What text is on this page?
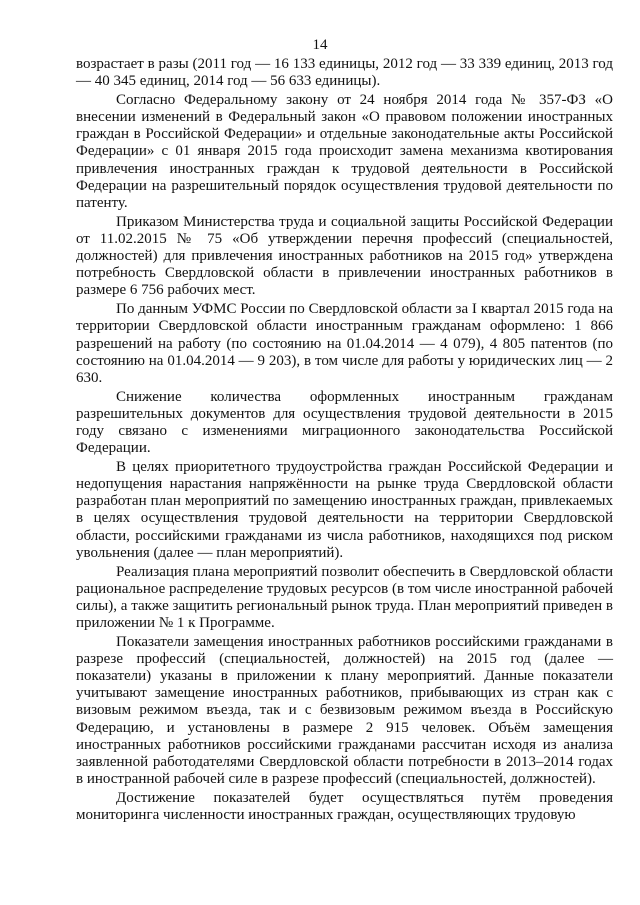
14

возрастает в разы (2011 год — 16 133 единицы, 2012 год — 33 339 единиц, 2013 год — 40 345 единиц, 2014 год — 56 633 единицы).

Согласно Федеральному закону от 24 ноября 2014 года № 357-ФЗ «О внесении изменений в Федеральный закон «О правовом положении иностранных граждан в Российской Федерации» и отдельные законодательные акты Российской Федерации» с 01 января 2015 года происходит замена механизма квотирования привлечения иностранных граждан к трудовой деятельности в Российской Федерации на разрешительный порядок осуществления трудовой деятельности по патенту.

Приказом Министерства труда и социальной защиты Российской Федерации от 11.02.2015 № 75 «Об утверждении перечня профессий (специальностей, должностей) для привлечения иностранных работников на 2015 год» утверждена потребность Свердловской области в привлечении иностранных работников в размере 6 756 рабочих мест.

По данным УФМС России по Свердловской области за I квартал 2015 года на территории Свердловской области иностранным гражданам оформлено: 1 866 разрешений на работу (по состоянию на 01.04.2014 — 4 079), 4 805 патентов (по состоянию на 01.04.2014 — 9 203), в том числе для работы у юридических лиц — 2 630.

Снижение количества оформленных иностранным гражданам разрешительных документов для осуществления трудовой деятельности в 2015 году связано с изменениями миграционного законодательства Российской Федерации.

В целях приоритетного трудоустройства граждан Российской Федерации и недопущения нарастания напряжённости на рынке труда Свердловской области разработан план мероприятий по замещению иностранных граждан, привлекаемых в целях осуществления трудовой деятельности на территории Свердловской области, российскими гражданами из числа работников, находящихся под риском увольнения (далее — план мероприятий).

Реализация плана мероприятий позволит обеспечить в Свердловской области рациональное распределение трудовых ресурсов (в том числе иностранной рабочей силы), а также защитить региональный рынок труда. План мероприятий приведен в приложении № 1 к Программе.

Показатели замещения иностранных работников российскими гражданами в разрезе профессий (специальностей, должностей) на 2015 год (далее — показатели) указаны в приложении к плану мероприятий. Данные показатели учитывают замещение иностранных работников, прибывающих из стран как с визовым режимом въезда, так и с безвизовым режимом въезда в Российскую Федерацию, и установлены в размере 2 915 человек. Объём замещения иностранных работников российскими гражданами рассчитан исходя из анализа заявленной работодателями Свердловской области потребности в 2013–2014 годах в иностранной рабочей силе в разрезе профессий (специальностей, должностей).

Достижение показателей будет осуществляться путём проведения мониторинга численности иностранных граждан, осуществляющих трудовую
